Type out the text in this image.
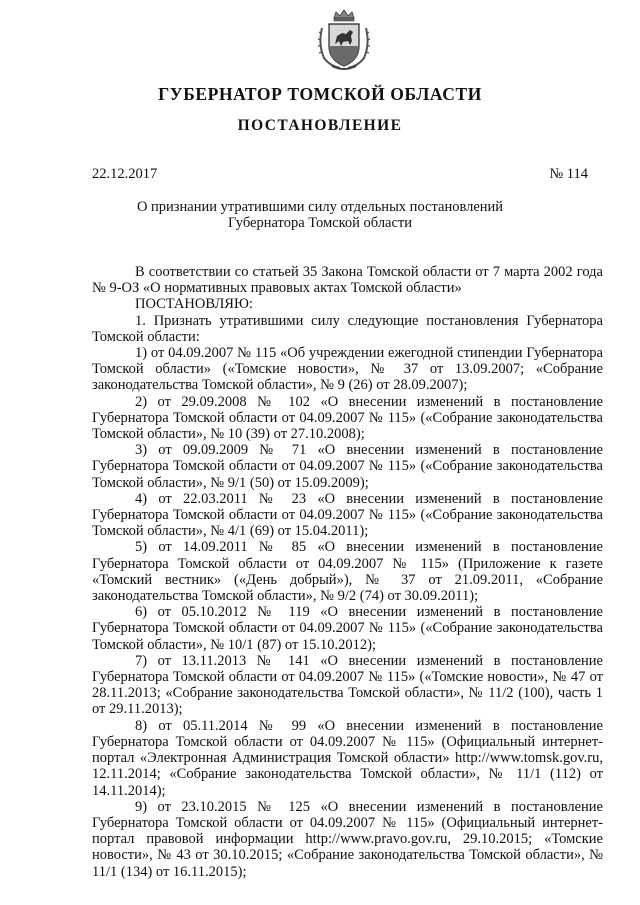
ГУБЕРНАТОР ТОМСКОЙ ОБЛАСТИ
ПОСТАНОВЛЕНИЕ
22.12.2017	№ 114
О признании утратившими силу отдельных постановлений
Губернатора Томской области

В соответствии со статьей 35 Закона Томской области от 7 марта 2002 года № 9-ОЗ «О нормативных правовых актах Томской области»

ПОСТАНОВЛЯЮ:

1. Признать утратившими силу следующие постановления Губернатора Томской области:

1) от 04.09.2007 № 115 «Об учреждении ежегодной стипендии Губернатора Томской области» («Томские новости», № 37 от 13.09.2007; «Собрание законодательства Томской области», № 9 (26) от 28.09.2007);

2) от 29.09.2008 № 102 «О внесении изменений в постановление Губернатора Томской области от 04.09.2007 № 115» («Собрание законодательства Томской области», № 10 (39) от 27.10.2008);

3) от 09.09.2009 № 71 «О внесении изменений в постановление Губернатора Томской области от 04.09.2007 № 115» («Собрание законодательства Томской области», № 9/1 (50) от 15.09.2009);

4) от 22.03.2011 № 23 «О внесении изменений в постановление Губернатора Томской области от 04.09.2007 № 115» («Собрание законодательства Томской области», № 4/1 (69) от 15.04.2011);

5) от 14.09.2011 № 85 «О внесении изменений в постановление Губернатора Томской области от 04.09.2007 № 115» (Приложение к газете «Томский вестник» («День добрый»), № 37 от 21.09.2011, «Собрание законодательства Томской области», № 9/2 (74) от 30.09.2011);

6) от 05.10.2012 № 119 «О внесении изменений в постановление Губернатора Томской области от 04.09.2007 № 115» («Собрание законодательства Томской области», № 10/1 (87) от 15.10.2012);

7) от 13.11.2013 № 141 «О внесении изменений в постановление Губернатора Томской области от 04.09.2007 № 115» («Томские новости», № 47 от 28.11.2013; «Собрание законодательства Томской области», № 11/2 (100), часть 1 от 29.11.2013);

8) от 05.11.2014 № 99 «О внесении изменений в постановление Губернатора Томской области от 04.09.2007 № 115» (Официальный интернет-портал «Электронная Администрация Томской области» http://www.tomsk.gov.ru, 12.11.2014; «Собрание законодательства Томской области», № 11/1 (112) от 14.11.2014);

9) от 23.10.2015 № 125 «О внесении изменений в постановление Губернатора Томской области от 04.09.2007 № 115» (Официальный интернет-портал правовой информации http://www.pravo.gov.ru, 29.10.2015; «Томские новости», № 43 от 30.10.2015; «Собрание законодательства Томской области», № 11/1 (134) от 16.11.2015);
